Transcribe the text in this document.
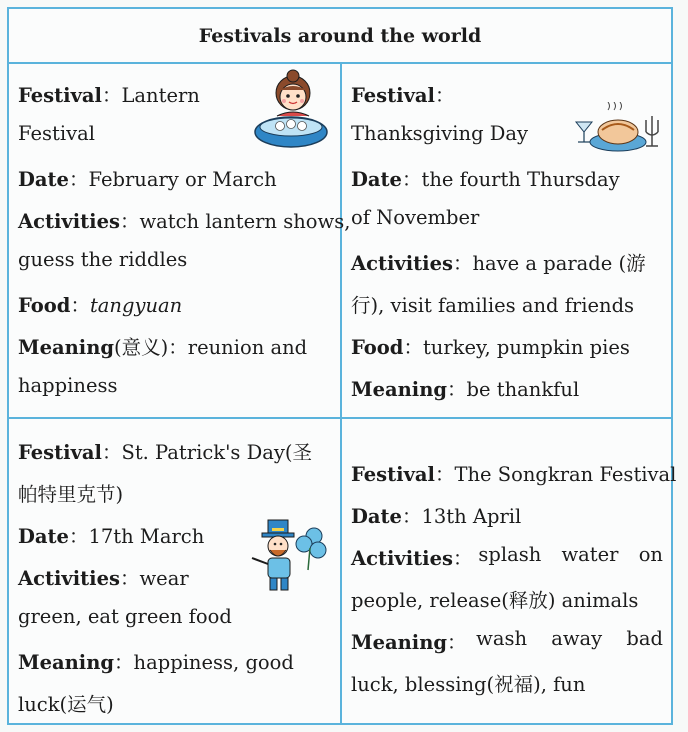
Festivals around the world
Festival：Lantern
Festival
Date：February or March
Activities：watch lantern shows,
guess the riddles
Food：tangyuan
Meaning(意义)：reunion and
happiness
Festival：
Thanksgiving Day
Date：the fourth Thursday
of November
Activities：have a parade (游
行), visit families and friends
Food：turkey, pumpkin pies
Meaning：be thankful
Festival：St. Patrick's Day(圣
帕特里克节)
Date：17th March
Activities：wear
green, eat green food
Meaning：happiness, good
luck(运气)
Festival：The Songkran Festival
Date：13th April
Activities： splash water on
people, release(释放) animals
Meaning： wash away bad
luck, blessing(祝福), fun
